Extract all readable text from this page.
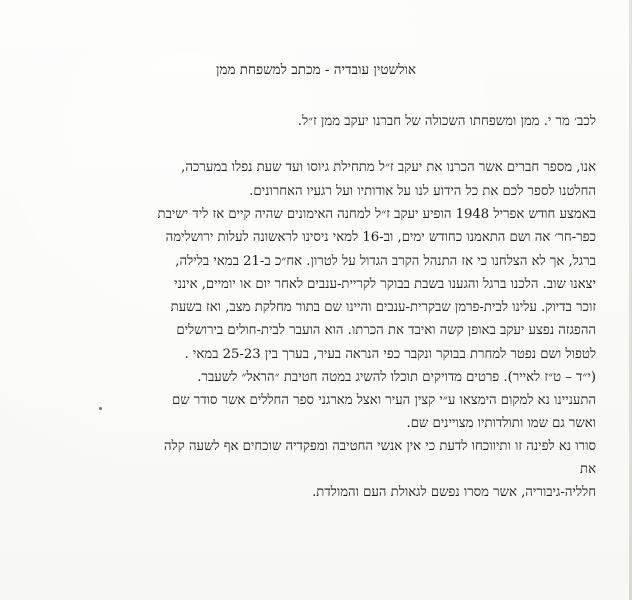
אולשטין עובדיה - מכתב למשפחת ממן
לכב׳ מר י. ממן ומשפחתו השכולה של חברנו יעקב ממן ז״ל.
אנו, מספר חברים אשר הכרנו את יעקב ז״ל מתחילת גיוסו ועד שעת נפלו במערכה,
החלטנו לספר לכם את כל הידוע לנו על אודותיו ועל רגעיו האחרונים.
באמצע חודש אפריל 1948 הופיע יעקב ז״ל למחנה האימונים שהיה קיים אז ליד ישיבת
כפר-חר׳ אה ושם התאמנו כחודש ימים, וב-16 למאי ניסינו לראשונה לעלות ירושלימה
ברגל, אך לא הצלחנו כי אז התנהל הקרב הגדול על לטרון. אח״כ ב-21 במאי בלילה,
יצאנו שוב. הלכנו ברגל והגענו בשבת בבוקר לקריית-ענבים לאחר יום או יומיים, אינני
זוכר בדיוק. עלינו לבית-פרמן שבקרית-ענבים והיינו שם בתור מחלקת מצב, ואז בשעת
ההפגזה נפצע יעקב באופן קשה ואיבד את הכרתו. הוא הועבר לבית-חולים בירושלים
לטפול ושם נפטר למחרת בבוקר ונקבר כפי הנראה בעיר, בערך בין 25-23 במאי .
(י״ד – ט״ז לאייר). פרטים מדויקים תוכלו להשיג במטה חטיבת ״הראל״ לשעבר.
התעניינו נא למקום הימצאו ע״י קצין העיר ואצל מארגני ספר החללים אשר סודר שם
ואשר גם שמו ותולדותיו מצויינים שם.
סורו נא לפינה זו ותיווכחו לדעת כי אין אנשי החטיבה ומפקדיה שוכחים אף לשעה קלה
את
חלליה-גיבוריה, אשר מסרו נפשם לגאולת העם והמולדת.
